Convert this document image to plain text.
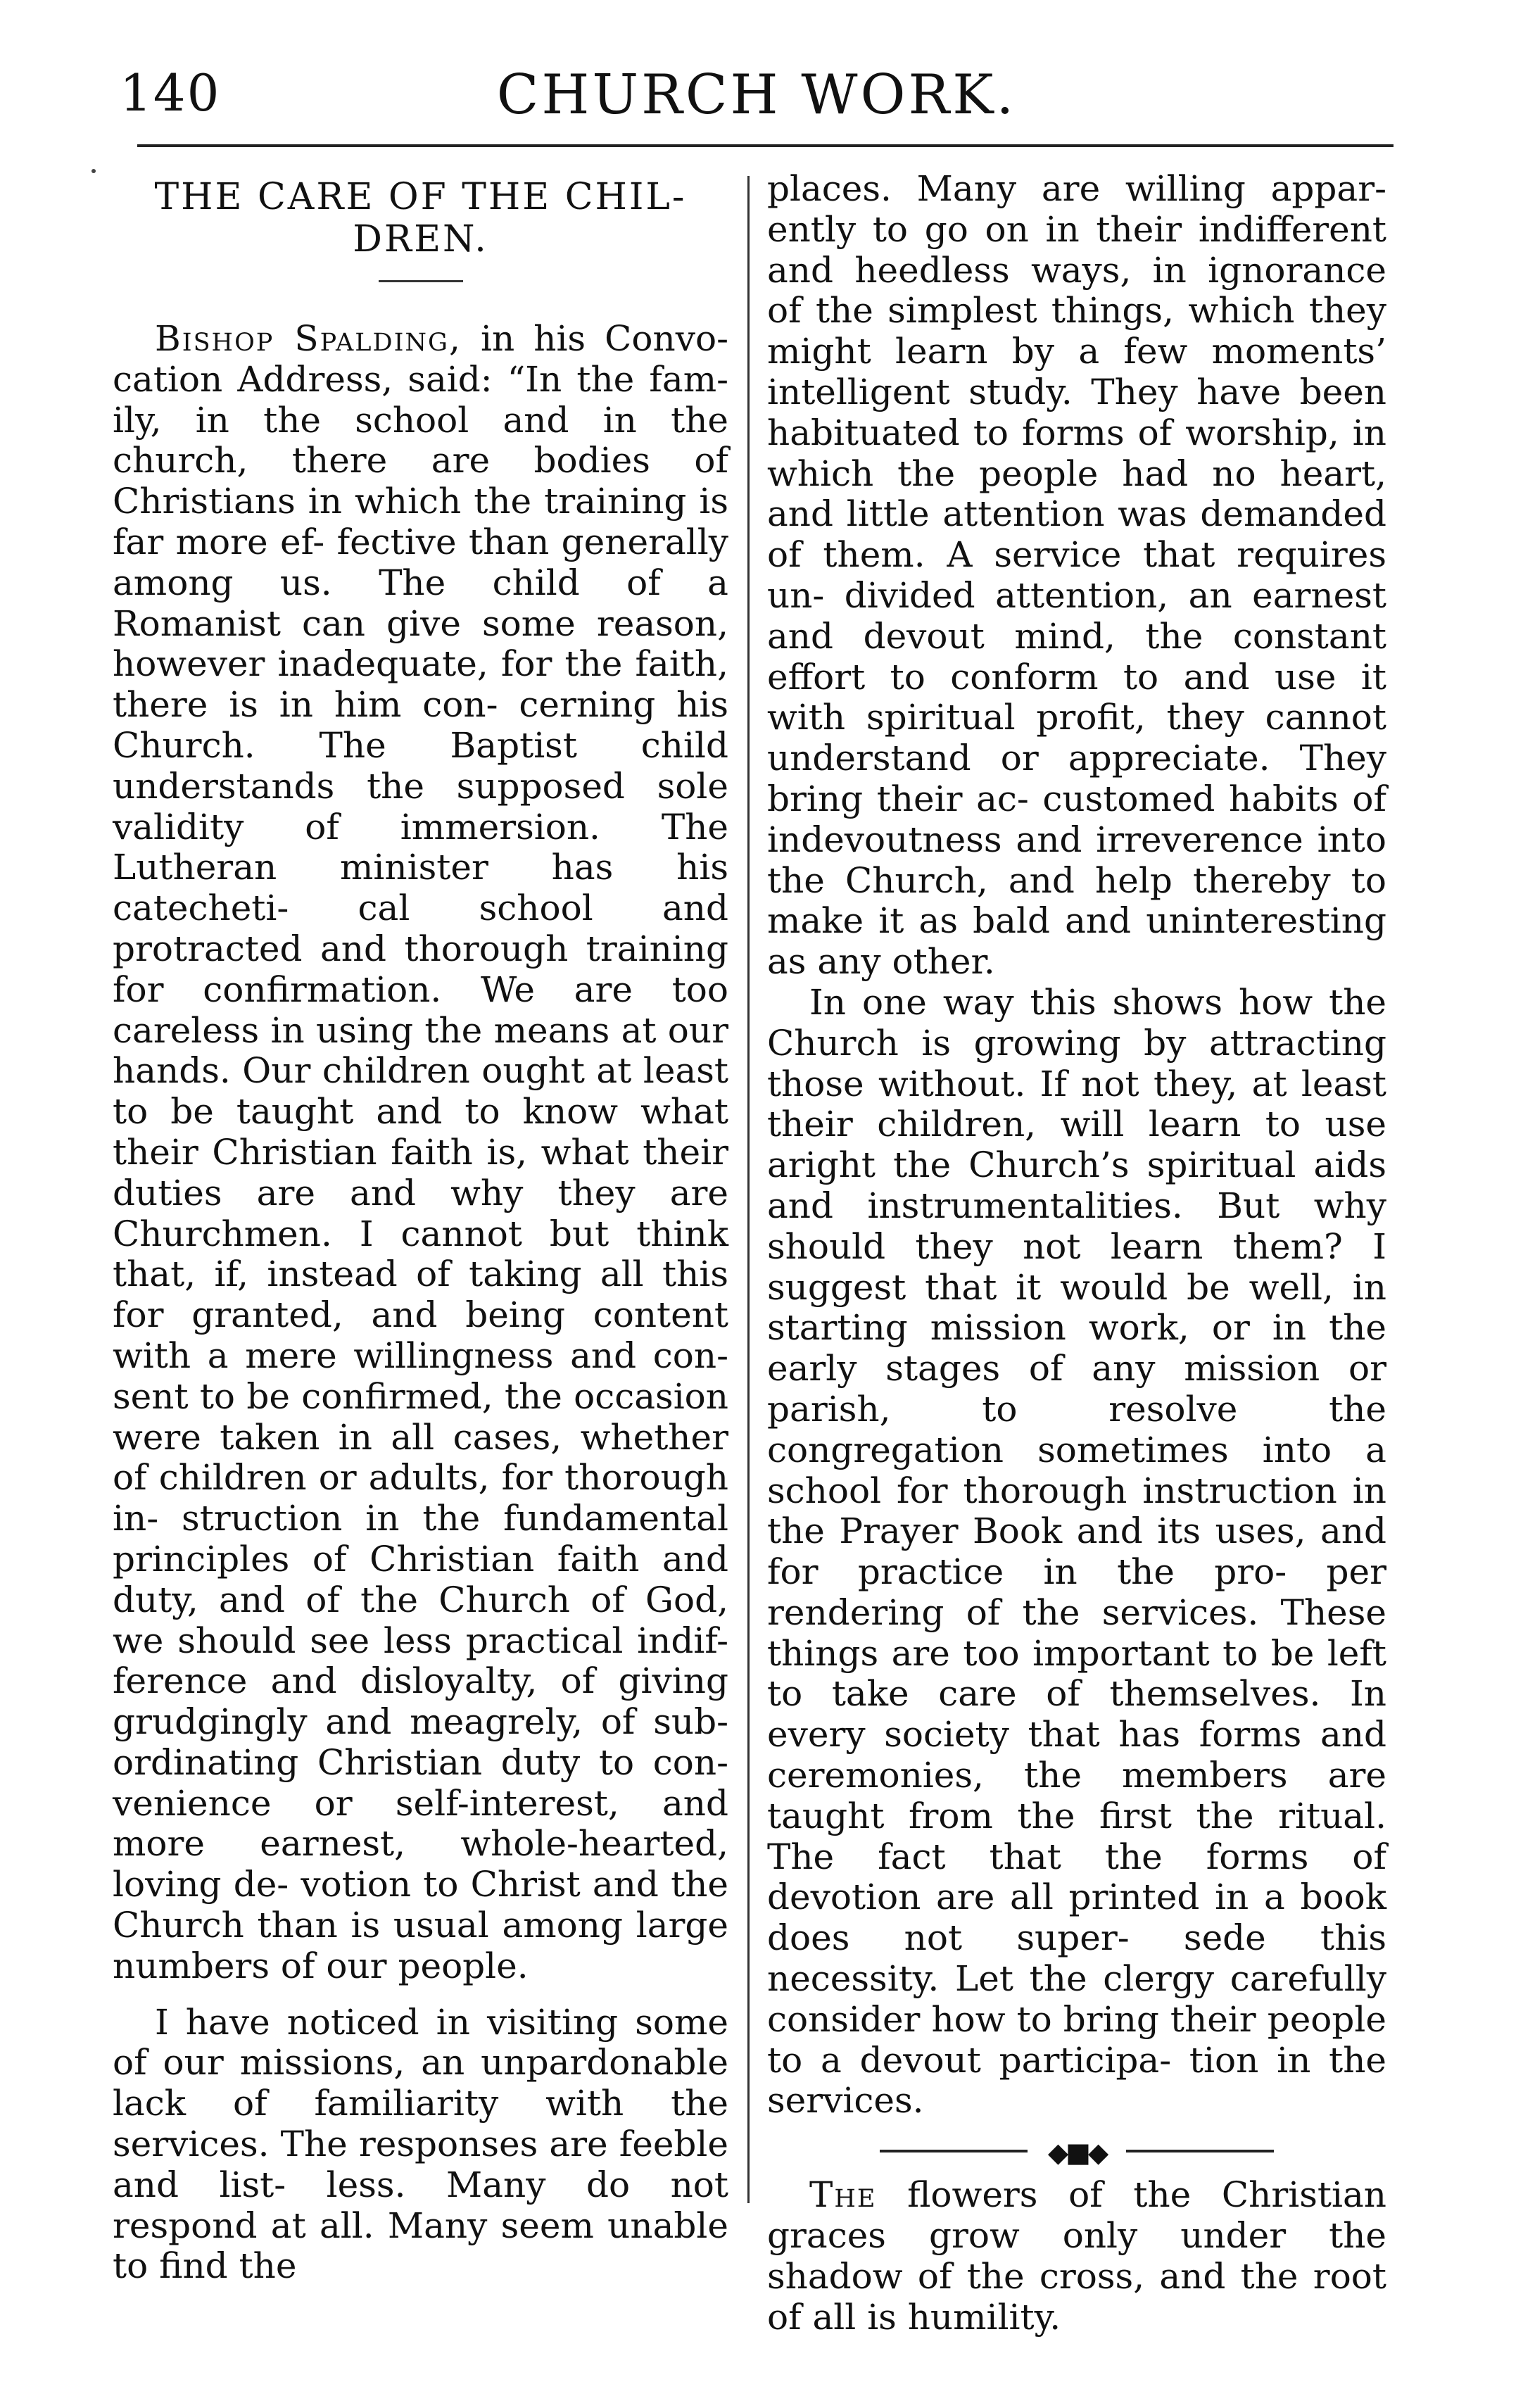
140	CHURCH WORK.
THE CARE OF THE CHIL- DREN.

Bishop Spalding, in his Convo- cation Address, said: “In the fam- ily, in the school and in the church, there are bodies of Christians in which the training is far more ef- fective than generally among us. The child of a Romanist can give some reason, however inadequate, for the faith, there is in him con- cerning his Church. The Baptist child understands the supposed sole validity of immersion. The Lutheran minister has his catecheti- cal school and protracted and thorough training for confirmation. We are too careless in using the means at our hands. Our children ought at least to be taught and to know what their Christian faith is, what their duties are and why they are Churchmen. I cannot but think that, if, instead of taking all this for granted, and being content with a mere willingness and con- sent to be confirmed, the occasion were taken in all cases, whether of children or adults, for thorough in- struction in the fundamental principles of Christian faith and duty, and of the Church of God, we should see less practical indif- ference and disloyalty, of giving grudgingly and meagrely, of sub- ordinating Christian duty to con- venience or self-interest, and more earnest, whole-hearted, loving de- votion to Christ and the Church than is usual among large numbers of our people.

I have noticed in visiting some of our missions, an unpardonable lack of familiarity with the services. The responses are feeble and list- less. Many do not respond at all. Many seem unable to find the

places. Many are willing appar- ently to go on in their indifferent and heedless ways, in ignorance of the simplest things, which they might learn by a few moments’ intelligent study. They have been habituated to forms of worship, in which the people had no heart, and little attention was demanded of them. A service that requires un- divided attention, an earnest and devout mind, the constant effort to conform to and use it with spiritual profit, they cannot understand or appreciate. They bring their ac- customed habits of indevoutness and irreverence into the Church, and help thereby to make it as bald and uninteresting as any other.

In one way this shows how the Church is growing by attracting those without. If not they, at least their children, will learn to use aright the Church’s spiritual aids and instrumentalities. But why should they not learn them? I suggest that it would be well, in starting mission work, or in the early stages of any mission or parish, to resolve the congregation sometimes into a school for thorough instruction in the Prayer Book and its uses, and for practice in the pro- per rendering of the services. These things are too important to be left to take care of themselves. In every society that has forms and ceremonies, the members are taught from the first the ritual. The fact that the forms of devotion are all printed in a book does not super- sede this necessity. Let the clergy carefully consider how to bring their people to a devout participa- tion in the services.

◆■◆

The flowers of the Christian graces grow only under the shadow of the cross, and the root of all is humility.
